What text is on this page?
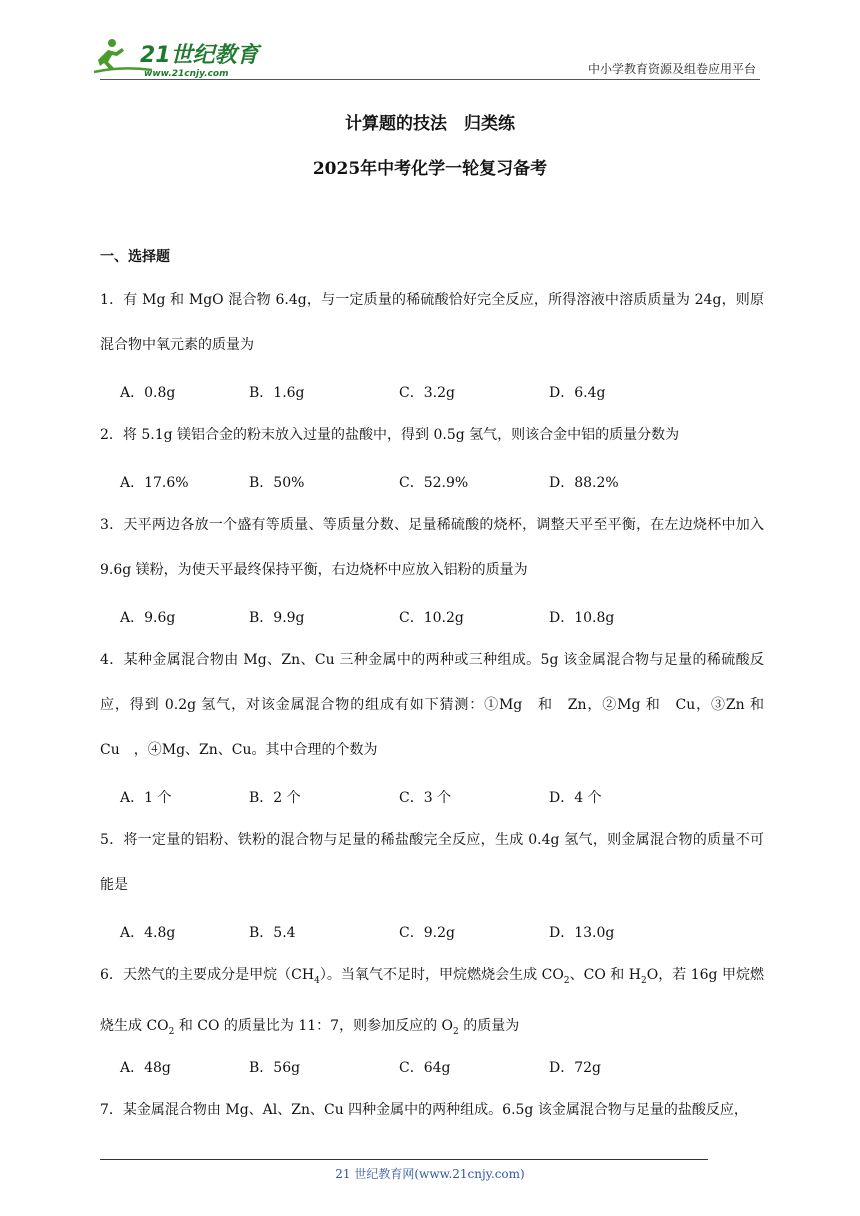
21世纪教育
www.21cnjy.com	中小学教育资源及组卷应用平台
计算题的技法　归类练
2025年中考化学一轮复习备考
一、选择题
1．有 Mg 和 MgO 混合物 6.4g，与一定质量的稀硫酸恰好完全反应，所得溶液中溶质质量为 24g，则原混合物中氧元素的质量为
A．0.8g	B．1.6g	C．3.2g	D．6.4g
2．将 5.1g 镁铝合金的粉末放入过量的盐酸中，得到 0.5g 氢气，则该合金中铝的质量分数为
A．17.6%	B．50%	C．52.9%	D．88.2%
3．天平两边各放一个盛有等质量、等质量分数、足量稀硫酸的烧杯，调整天平至平衡，在左边烧杯中加入 9.6g 镁粉，为使天平最终保持平衡，右边烧杯中应放入铝粉的质量为
A．9.6g	B．9.9g	C．10.2g	D．10.8g
4．某种金属混合物由 Mg、Zn、Cu 三种金属中的两种或三种组成。5g 该金属混合物与足量的稀硫酸反应，得到 0.2g 氢气，对该金属混合物的组成有如下猜测：①Mg　和　Zn，②Mg 和　Cu，③Zn 和　Cu　，④Mg、Zn、Cu。其中合理的个数为
A．1 个	B．2 个	C．3 个	D．4 个
5．将一定量的铝粉、铁粉的混合物与足量的稀盐酸完全反应，生成 0.4g 氢气，则金属混合物的质量不可能是
A．4.8g	B．5.4	C．9.2g	D．13.0g
6．天然气的主要成分是甲烷$(CH_4)$。当氧气不足时，甲烷燃烧会生成 $CO_2$、CO 和 $H_2O$，若 16g 甲烷燃烧生成 $CO_2$ 和 CO 的质量比为 11：7，则参加反应的 $O_2$ 的质量为
A．48g	B．56g	C．64g	D．72g
7．某金属混合物由 Mg、Al、Zn、Cu 四种金属中的两种组成。6.5g 该金属混合物与足量的盐酸反应，
21 世纪教育网(www.21cnjy.com)
